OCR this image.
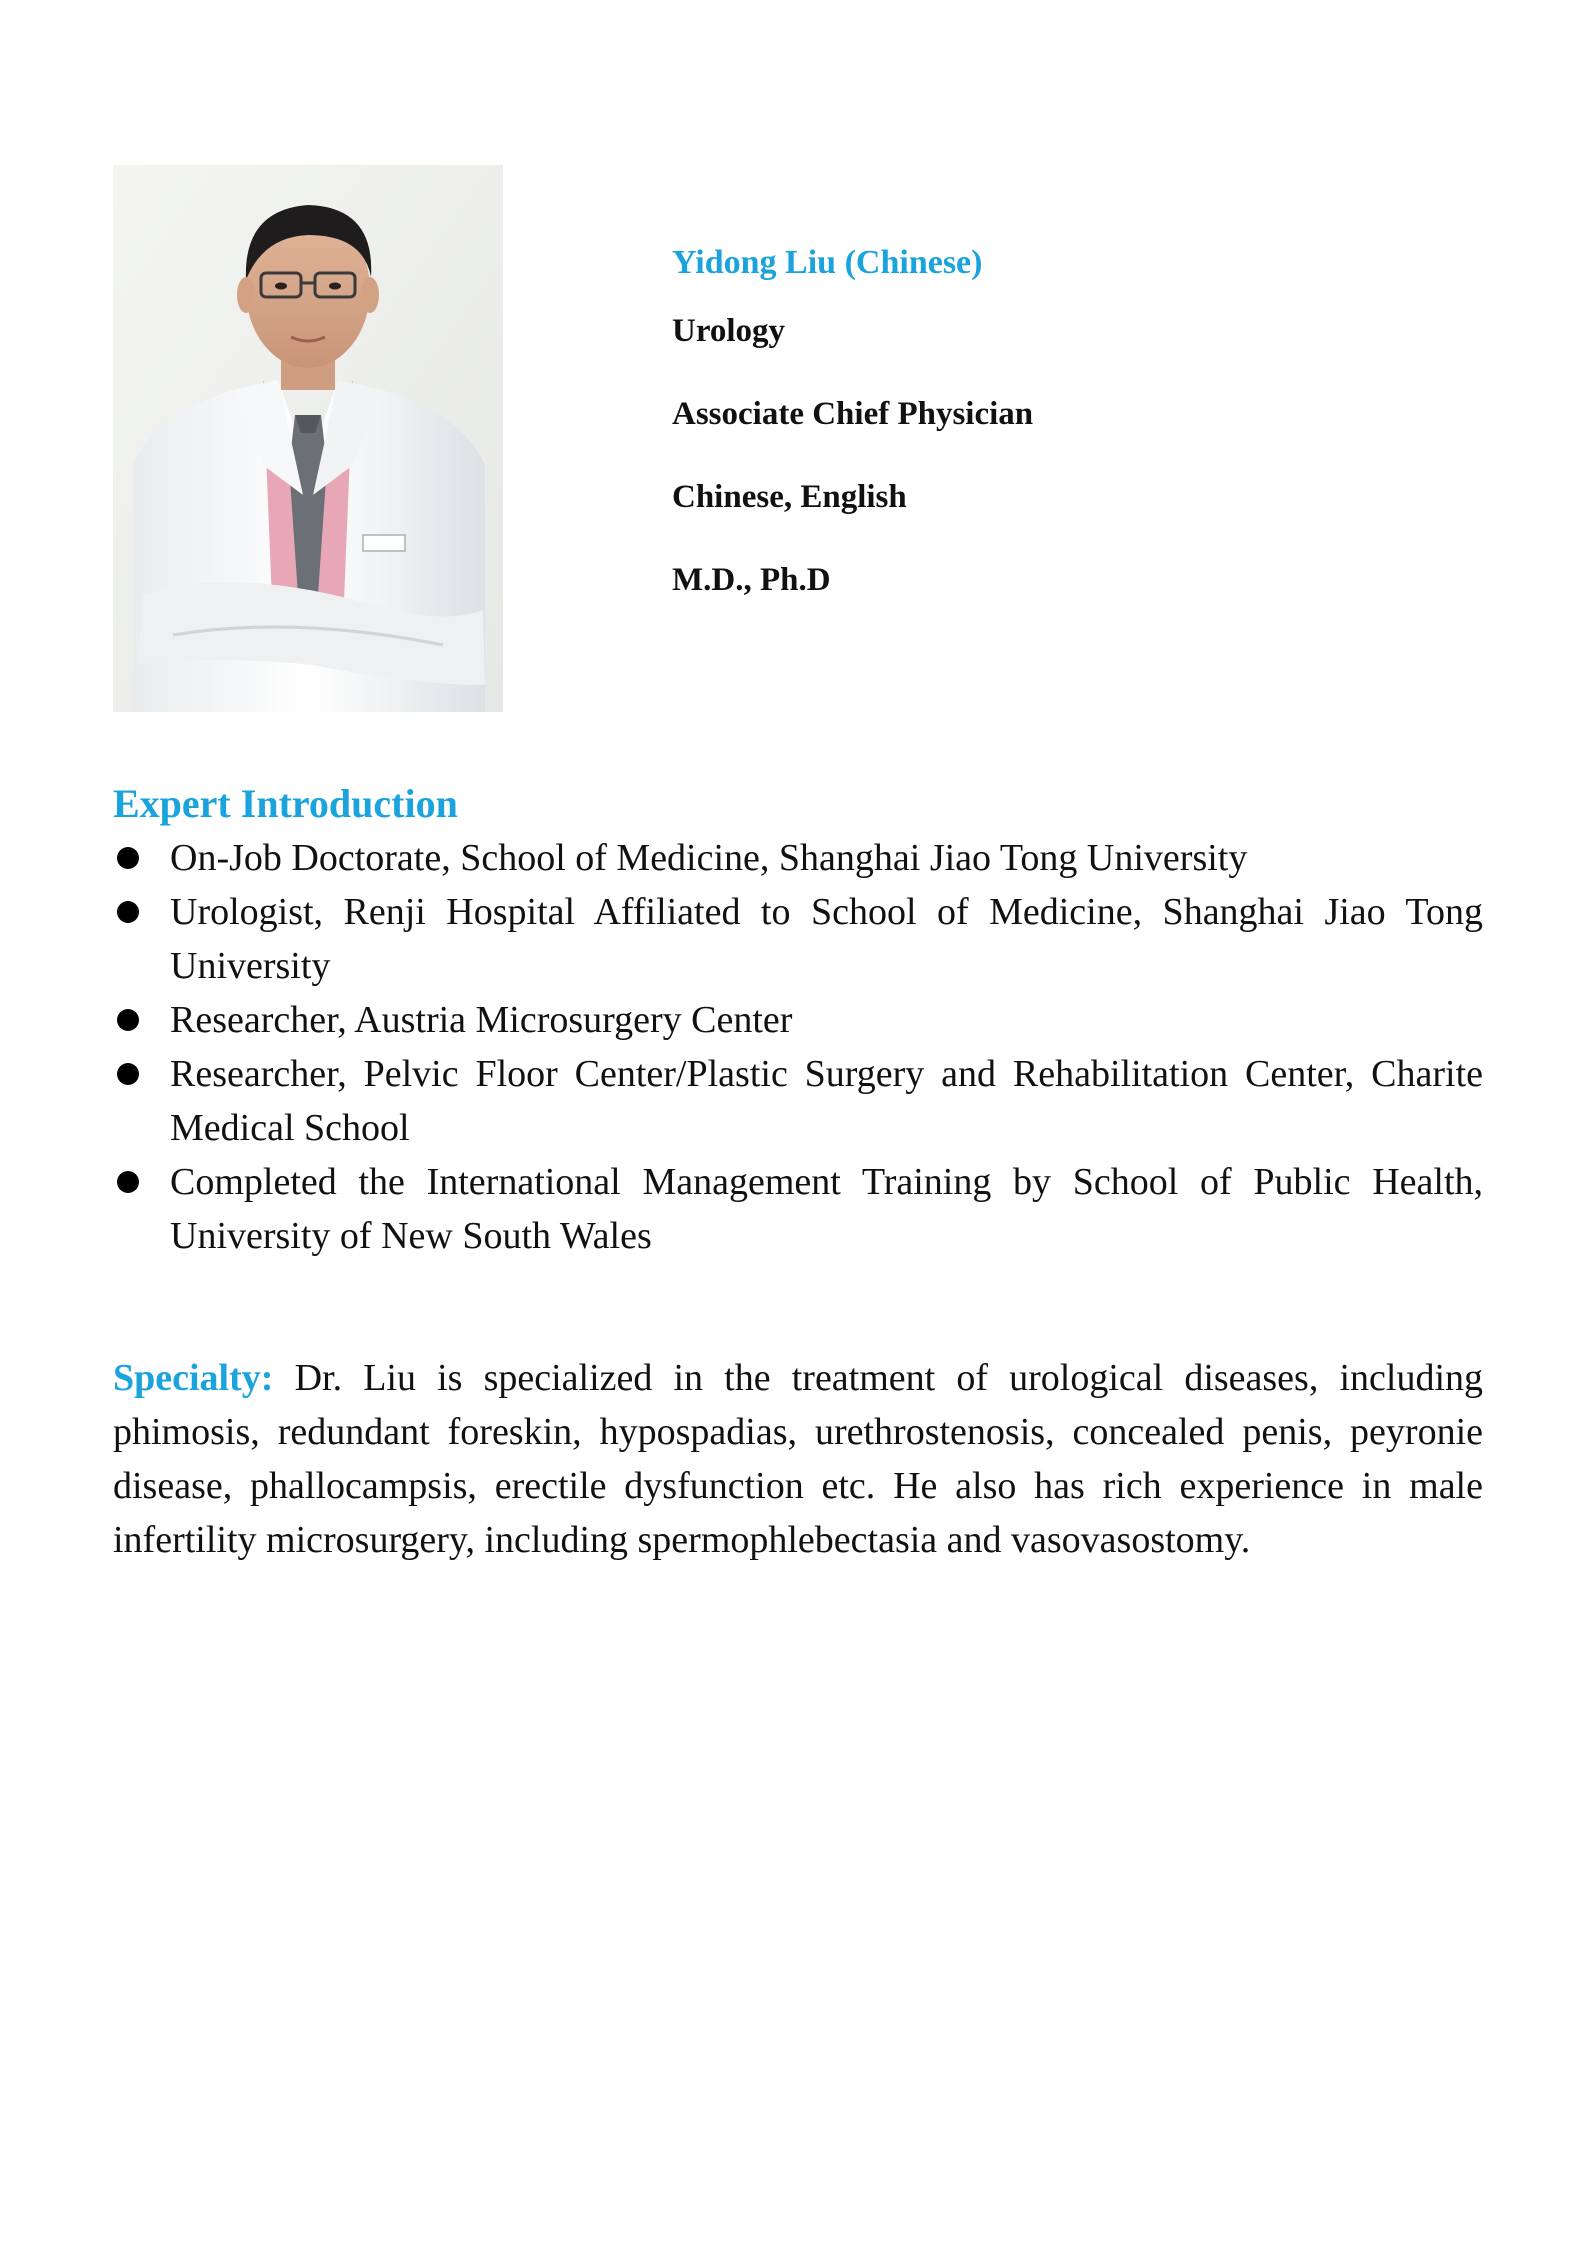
Yidong Liu (Chinese)

Urology

Associate Chief Physician

Chinese, English

M.D., Ph.D

Expert Introduction
On-Job Doctorate, School of Medicine, Shanghai Jiao Tong University
Urologist, Renji Hospital Affiliated to School of Medicine, Shanghai Jiao Tong University
Researcher, Austria Microsurgery Center
Researcher, Pelvic Floor Center/Plastic Surgery and Rehabilitation Center, Charite Medical School
Completed the International Management Training by School of Public Health, University of New South Wales

Specialty: Dr. Liu is specialized in the treatment of urological diseases, including phimosis, redundant foreskin, hypospadias, urethrostenosis, concealed penis, peyronie disease, phallocampsis, erectile dysfunction etc. He also has rich experience in male infertility microsurgery, including spermophlebectasia and vasovasostomy.
